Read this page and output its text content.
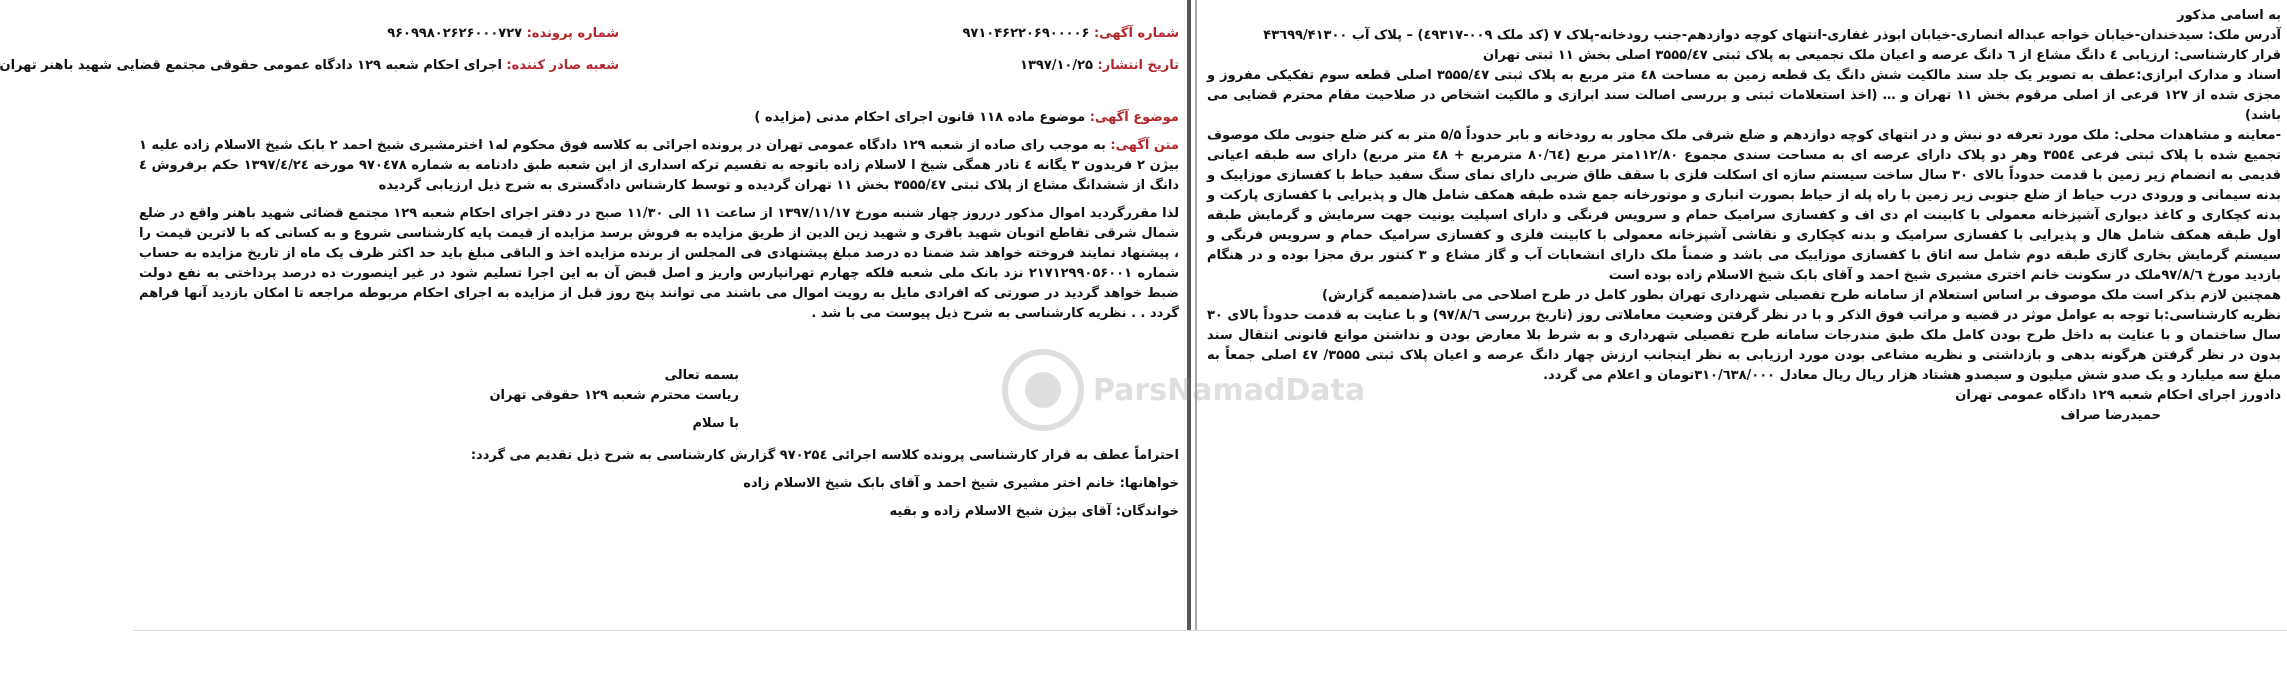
به اسامی مذکور
آدرس ملک: سیدخندان-خیابان خواجه عبداله انصاری-خیابان ابوذر غفاری-انتهای کوچه دوازدهم-جنب رودخانه-پلاک ۷ (کد ملک ۰۰۹-٤۹۳۱۷) – پلاک آب ۴۳٦۹۹/۴۱۳۰۰
قرار کارشناسی: ارزیابی ٤ دانگ مشاع از ٦ دانگ عرصه و اعیان ملک تجمیعی به پلاک ثبتی ۳۵۵۵/٤۷ اصلی بخش ۱۱ ثبتی تهران
اسناد و مدارک ابرازی:عطف به تصویر یک جلد سند مالکیت شش دانگ یک قطعه زمین به مساحت ٤۸ متر مربع به پلاک ثبتی ۳۵۵۵/٤۷ اصلی قطعه سوم تفکیکی مفروز و مجزی شده از ۱۲۷ فرعی از اصلی مرقوم بخش ۱۱ تهران و … (اخذ استعلامات ثبتی و بررسی اصالت سند ابرازی و مالکیت اشخاص در صلاحیت مقام محترم قضایی می باشد)
-معاینه و مشاهدات محلی: ملک مورد تعرفه دو نبش و در انتهای کوچه دوازدهم و ضلع شرقی ملک مجاور به رودخانه و بابر حدوداً ۵/۵ متر به کنر ضلع جنوبی ملک موصوف تجمیع شده با پلاک ثبتی فرعی ۳۵۵٤ وهر دو پلاک دارای عرصه ای به مساحت سندی مجموع ۱۱۲/۸۰متر مربع (۸۰/٦٤ مترمربع + ٤۸ متر مربع) دارای سه طبقه اعیانی قدیمی به انضمام زیر زمین با قدمت حدوداً بالای ۳۰ سال ساخت سیستم سازه ای اسکلت فلزی با سقف طاق ضربی دارای نمای سنگ سفید حیاط با کفسازی موزاییک و بدنه سیمانی و ورودی درب حیاط از ضلع جنوبی زیر زمین با راه پله از حیاط بصورت انباری و موتورخانه جمع شده طبقه همکف شامل هال و پذیرایی با کفسازی پارکت و بدنه کچکاری و کاغذ دیواری آشپزخانه معمولی با کابینت ام دی اف و کفسازی سرامیک حمام و سرویس فرنگی و دارای اسپلیت یونیت جهت سرمایش و گرمایش طبقه اول طبقه همکف شامل هال و پذیرایی با کفسازی سرامیک و بدنه کچکاری و نقاشی آشپزخانه معمولی با کابینت فلزی و کفسازی سرامیک حمام و سرویس فرنگی و سیستم گرمایش بخاری گازی طبقه دوم شامل سه اتاق با کفسازی موزاییک می باشد و ضمناً ملک دارای انشعابات آب و گاز مشاع و ۳ کنتور برق مجزا بوده و در هنگام بازدید مورخ ۹۷/۸/٦ملک در سکونت خانم اختری مشیری شیخ احمد و آقای بابک شیخ الاسلام زاده بوده است
همچنین لازم بذکر است ملک موصوف بر اساس استعلام از سامانه طرح تفصیلی شهرداری تهران بطور کامل در طرح اصلاحی می باشد(ضمیمه گزارش)
نظریه کارشناسی:با توجه به عوامل موثر در قضیه و مراتب فوق الذکر و با در نظر گرفتن وضعیت معاملاتی روز (تاریخ بررسی ۹۷/۸/٦) و با عنایت به قدمت حدوداً بالای ۳۰ سال ساختمان و با عنایت به داخل طرح بودن کامل ملک طبق مندرجات سامانه طرح تفصیلی شهرداری و به شرط بلا معارض بودن و نداشتن موانع قانونی انتقال سند بدون در نظر گرفتن هرگونه بدهی و بازداشتی و نظریه مشاعی بودن مورد ارزیابی به نظر اینجانب ارزش چهار دانگ عرصه و اعیان پلاک ثبتی ۳۵۵۵/ ٤۷ اصلی جمعاً به مبلغ سه میلیارد و یک صدو شش میلیون و سیصدو هشتاد هزار ریال ریال معادل ۳۱۰/٦۳۸/۰۰۰تومان و اعلام می گردد.
دادورز اجرای احکام شعبه ۱۲۹ دادگاه عمومی تهران
حمیدرضا صراف
شماره آگهی: ۹۷۱۰۴۶۲۲۰۶۹۰۰۰۰۶
شماره پرونده: ۹۶۰۹۹۸۰۲۶۲۶۰۰۰۷۲۷
تاریخ انتشار: ۱۳۹۷/۱۰/۲۵
شعبه صادر کننده: اجرای احکام شعبه ۱۲۹ دادگاه عمومی حقوقی مجتمع قضایی شهید باهنر تهران
موضوع آگهی: موضوع ماده ۱۱۸ قانون اجرای احکام مدنی (مزایده )
متن آگهی: به موجب رای صاده از شعبه ۱۲۹ دادگاه عمومی تهران در پرونده اجرائی به کلاسه فوق محکوم له۱ اخترمشیری شیخ احمد ۲ بابک شیخ الاسلام زاده علیه ۱ بیژن ۲ فریدون ۳ یگانه ٤ نادر همگی شیخ ا لاسلام زاده باتوجه به تقسیم ترکه اسداری از این شعبه طبق دادنامه به شماره ۹۷۰٤۷۸ مورخه ۱۳۹۷/٤/۲٤ حکم برفروش ٤ دانگ از ششدانگ مشاع از پلاک ثبتی ۳۵۵۵/٤۷ بخش ۱۱ تهران گردیده و توسط کارشناس دادگستری به شرح ذیل ارزیابی گردیده
لذا مقررگردید اموال مذکور درروز چهار شنبه مورخ ۱۳۹۷/۱۱/۱۷ از ساعت ۱۱ الی ۱۱/۳۰ صبح در دفتر اجرای احکام شعبه ۱۲۹ مجتمع قضائی شهید باهنر واقع در ضلع شمال شرقی تقاطع اتوبان شهید باقری و شهید زین الدین از طریق مزایده به فروش برسد مزایده از قیمت پایه کارشناسی شروع و به کسانی که با لاترین قیمت را ، پیشنهاد نمایند فروخته خواهد شد ضمنا ده درصد مبلغ پیشنهادی فی المجلس از برنده مزایده اخذ و الباقی مبلغ باید حد اکثر ظرف یک ماه از تاریخ مزایده به حساب شماره ۲۱۷۱۲۹۹۰۵۶۰۰۱ نزد بانک ملی شعبه فلکه چهارم تهرانپارس واریز و اصل قبض آن به این اجرا تسلیم شود در غیر اینصورت ده درصد پرداختی به نفع دولت ضبط خواهد گردید در صورتی که افرادی مایل به رویت اموال می باشند می توانند پنج روز قبل از مزایده به اجرای احکام مربوطه مراجعه تا امکان بازدید آنها فراهم گردد . . نظریه کارشناسی به شرح ذیل پیوست می با شد .
بسمه تعالی
ریاست محترم شعبه ۱۲۹ حقوقی تهران
با سلام
احتراماً عطف به قرار کارشناسی پرونده کلاسه اجرائی ۹۷۰۲۵٤ گزارش کارشناسی به شرح ذیل تقدیم می گردد:
خواهانها: خانم اختر مشیری شیخ احمد و آقای بابک شیخ الاسلام زاده
خواندگان: آقای بیژن شیخ الاسلام زاده و بقیه
ParsNamadData
